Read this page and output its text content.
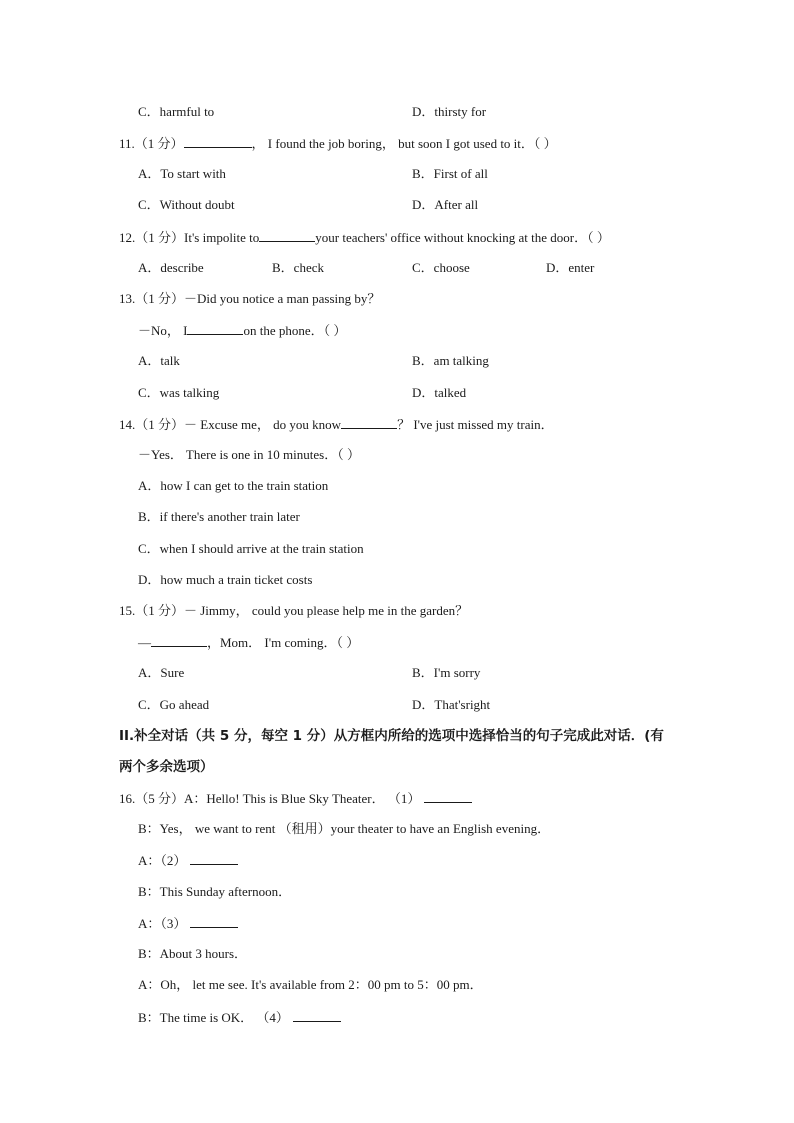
C．harmful to	D．thirsty for
11.（1 分）	， I found the job boring， but soon I got used to it．（ ）
A．To start with	B．First of all
C．Without doubt	D．After all
12.（1 分）It's impolite to	your teachers' office without knocking at the door．（ ）
A．describe	B．check	C．choose	D．enter
13.（1 分）－Did you notice a man passing by？
－No， I	on the phone．（ ）
A．talk	B．am talking
C．was talking	D．talked
14.（1 分）－ Excuse me， do you know	？ I've just missed my train．
－Yes． There is one in 10 minutes．（ ）
A．how I can get to the train station
B．if there's another train later
C．when I should arrive at the train station
D．how much a train ticket costs
15.（1 分）－ Jimmy， could you please help me in the garden？
—	，Mom． I'm coming．（ ）
A．Sure	B．I'm sorry
C．Go ahead	D．That'sright
II.补全对话（共 5 分，每空 1 分）从方框内所给的选项中选择恰当的句子完成此对话．(有
两个多余选项）
16.（5 分）A：Hello! This is Blue Sky Theater． （1）
B：Yes， we want to rent （租用）your theater to have an English evening．
A：（2）
B：This Sunday afternoon．
A：（3）
B：About 3 hours．
A：Oh， let me see. It's available from 2：00 pm to 5：00 pm．
B：The time is OK． （4）
